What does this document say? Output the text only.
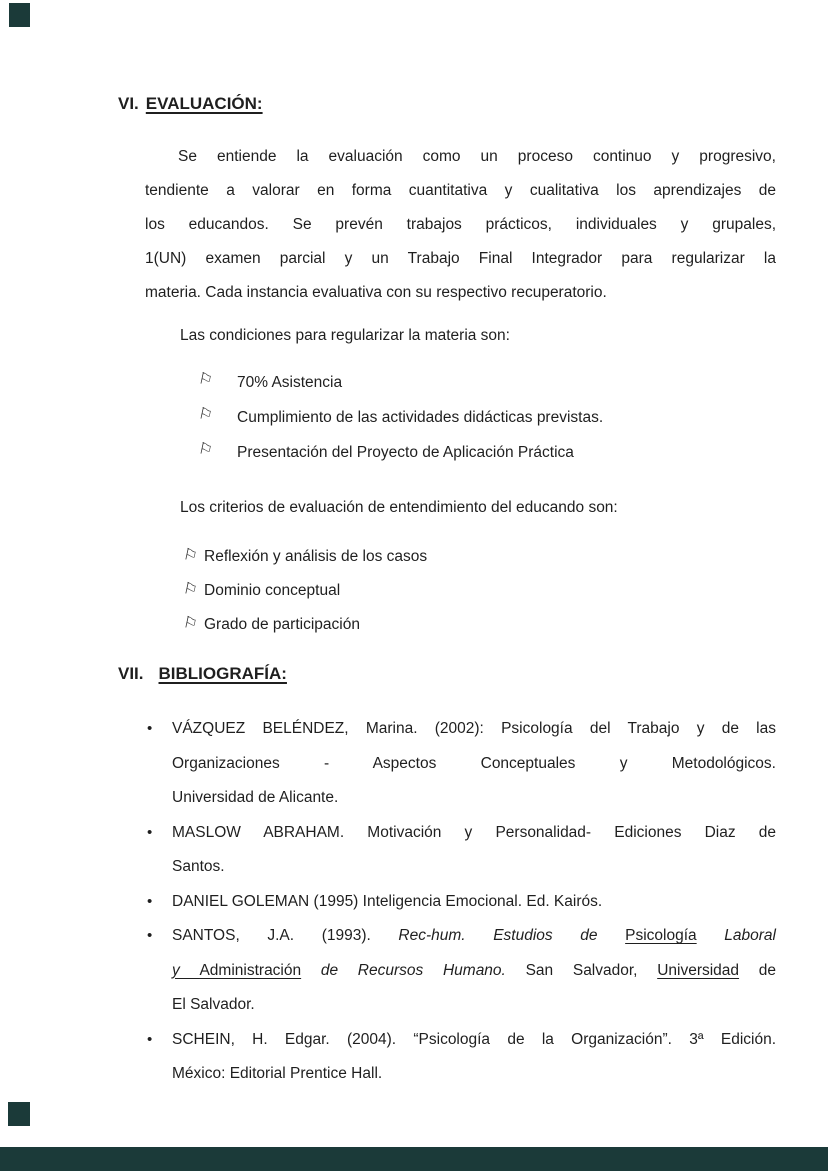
VI. EVALUACIÓN:
Se entiende la evaluación como un proceso continuo y progresivo,
tendiente a valorar en forma cuantitativa y cualitativa los aprendizajes de
los educandos. Se prevén trabajos prácticos, individuales y grupales,
1(UN) examen parcial y un Trabajo Final Integrador para regularizar la
materia. Cada instancia evaluativa con su respectivo recuperatorio.
Las condiciones para regularizar la materia son:
⚐	70% Asistencia
⚐	Cumplimiento de las actividades didácticas previstas.
⚐	Presentación del Proyecto de Aplicación Práctica
Los criterios de evaluación de entendimiento del educando son:
⚐ Reflexión y análisis de los casos
⚐ Dominio conceptual
⚐ Grado de participación
VII. BIBLIOGRAFÍA:
• VÁZQUEZ BELÉNDEZ, Marina. (2002): Psicología del Trabajo y de las
Organizaciones - Aspectos Conceptuales y Metodológicos.
Universidad de Alicante.
• MASLOW ABRAHAM. Motivación y Personalidad- Ediciones Diaz de
Santos.
• DANIEL GOLEMAN (1995) Inteligencia Emocional. Ed. Kairós.
• SANTOS, J.A. (1993). Rec-hum. Estudios de Psicología Laboral
y Administración de Recursos Humano. San Salvador, Universidad de
El Salvador.
• SCHEIN, H. Edgar. (2004). “Psicología de la Organización”. 3ª Edición.
México: Editorial Prentice Hall.
